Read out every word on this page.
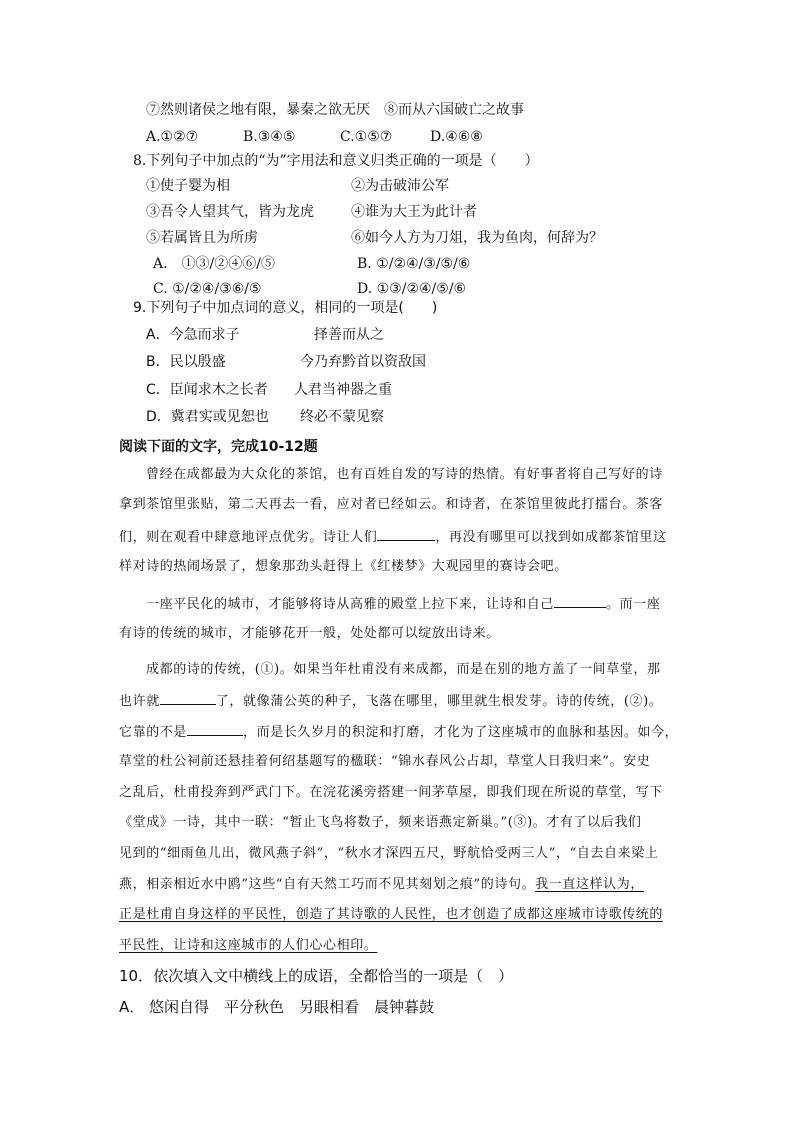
⑦然则诸侯之地有限，暴秦之欲无厌　⑧而从六国破亡之故事
A.①②⑦	B.③④⑤	C.①⑤⑦	D.④⑥⑧
8.下列句子中加点的“为”字用法和意义归类正确的一项是（　　）
①使子婴为相	②为击破沛公军
③吾令人望其气，皆为龙虎	④谁为大王为此计者
⑤若属皆且为所虏	⑥如今人方为刀俎，我为鱼肉，何辞为？
A． ①③/②④⑥/⑤	B. ①/②④/③/⑤/⑥
C. ①/②④/③⑥/⑤	D. ①③/②④/⑤/⑥
9.下列句子中加点词的意义，相同的一项是(　　)
A．今急而求子	择善而从之
B．民以殷盛	今乃弃黔首以资敌国
C．臣闻求木之长者 人君当神器之重
D．冀君实或见恕也 终必不蒙见察
阅读下面的文字，完成10-12题
曾经在成都最为大众化的茶馆，也有百姓自发的写诗的热情。有好事者将自己写好的诗
拿到茶馆里张贴，第二天再去一看，应对者已经如云。和诗者，在茶馆里彼此打擂台。茶客
们，则在观看中肆意地评点优劣。诗让人们	，再没有哪里可以找到如成都茶馆里这
样对诗的热闹场景了，想象那劲头赶得上《红楼梦》大观园里的赛诗会吧。
一座平民化的城市，才能够将诗从高雅的殿堂上拉下来，让诗和自己	。而一座
有诗的传统的城市，才能够花开一般，处处都可以绽放出诗来。
成都的诗的传统，(①)。如果当年杜甫没有来成都，而是在别的地方盖了一间草堂，那
也许就	了，就像蒲公英的种子，飞落在哪里，哪里就生根发芽。诗的传统，(②)。
它靠的不是	，而是长久岁月的积淀和打磨，才化为了这座城市的血脉和基因。如今，
草堂的杜公祠前还悬挂着何绍基题写的楹联：“锦水春风公占却，草堂人日我归来”。安史
之乱后，杜甫投奔到严武门下。在浣花溪旁搭建一间茅草屋，即我们现在所说的草堂，写下
《堂成》一诗，其中一联：“暂止飞鸟将数子，频来语燕定新巢。”(③)。才有了以后我们
见到的“细雨鱼儿出，微风燕子斜”，“秋水才深四五尺，野航恰受两三人”，“自去自来梁上
燕，相亲相近水中鸥”这些“自有天然工巧而不见其刻划之痕”的诗句。我一直这样认为，
正是杜甫自身这样的平民性，创造了其诗歌的人民性，也才创造了成都这座城市诗歌传统的
平民性，让诗和这座城市的人们心心相印。
10．依次填入文中横线上的成语，全都恰当的一项是（　）
A． 悠闲自得　平分秋色　另眼相看　晨钟暮鼓
